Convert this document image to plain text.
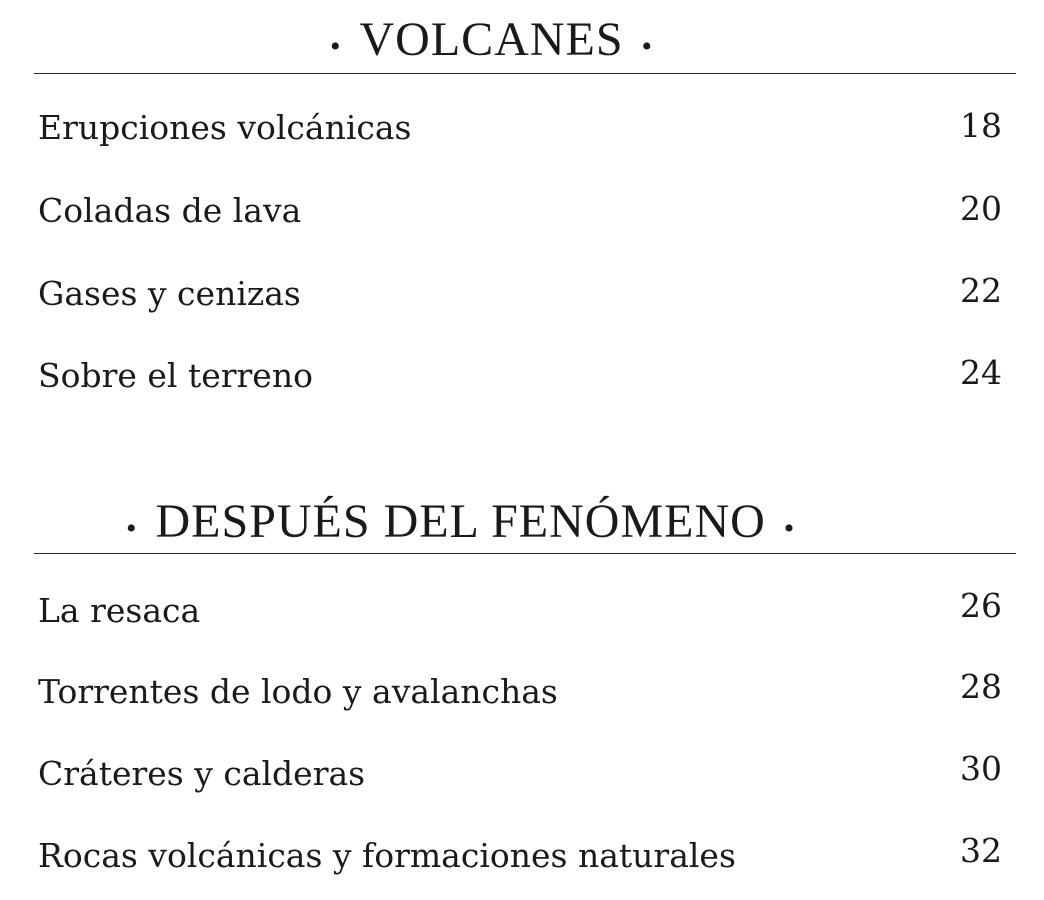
• VOLCANES •
Erupciones volcánicas	18
Coladas de lava	20
Gases y cenizas	22
Sobre el terreno	24
• DESPUÉS DEL FENÓMENO •
La resaca	26
Torrentes de lodo y avalanchas	28
Cráteres y calderas	30
Rocas volcánicas y formaciones naturales	32
